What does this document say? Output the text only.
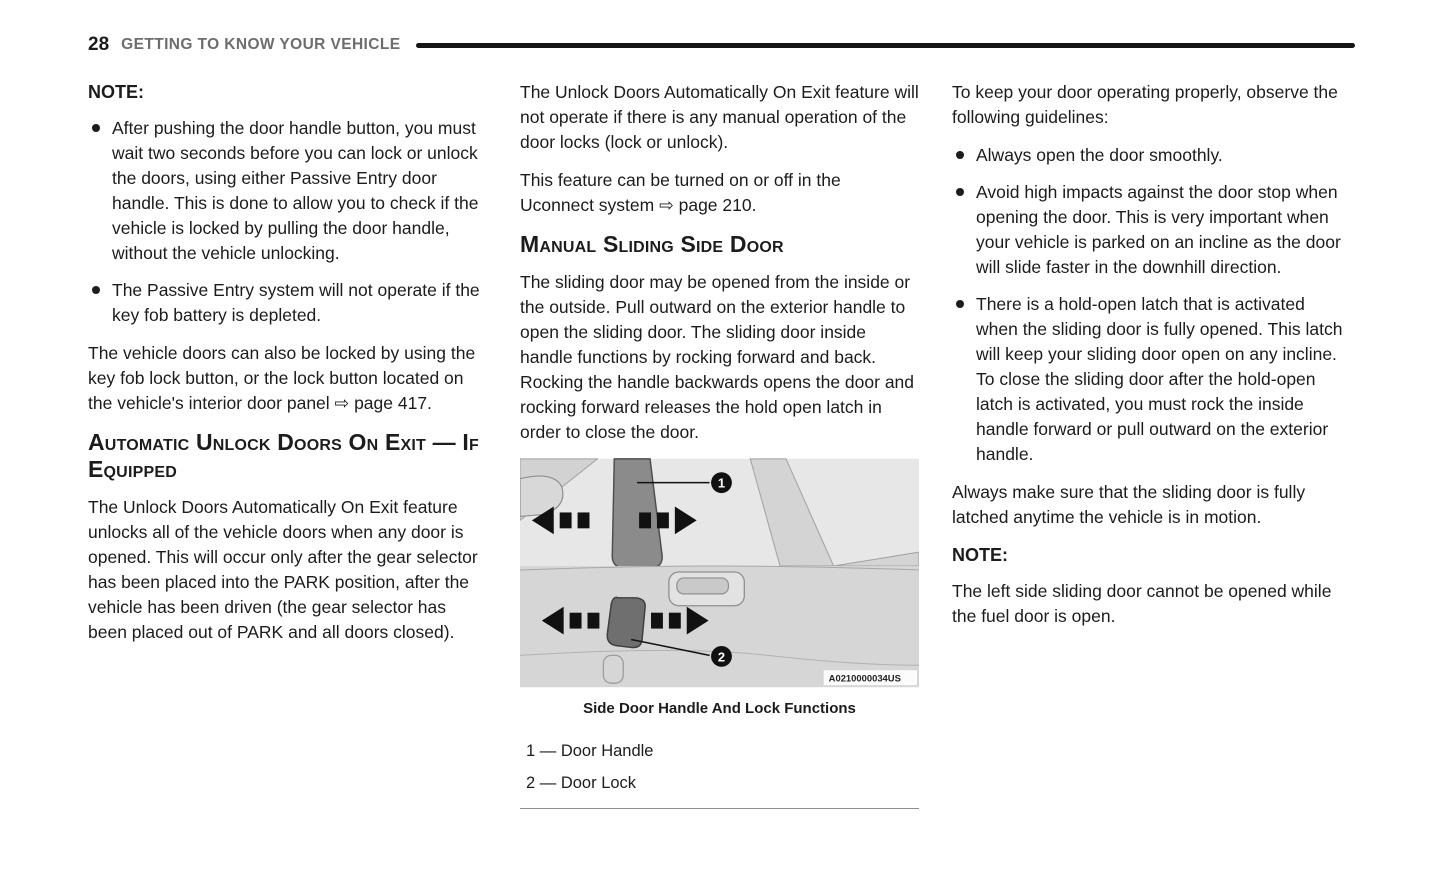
28 GETTING TO KNOW YOUR VEHICLE
NOTE:
After pushing the door handle button, you must wait two seconds before you can lock or unlock the doors, using either Passive Entry door handle. This is done to allow you to check if the vehicle is locked by pulling the door handle, without the vehicle unlocking.
The Passive Entry system will not operate if the key fob battery is depleted.

The vehicle doors can also be locked by using the key fob lock button, or the lock button located on the vehicle's interior door panel ⇨ page 417.

Automatic Unlock Doors On Exit — If Equipped

The Unlock Doors Automatically On Exit feature unlocks all of the vehicle doors when any door is opened. This will occur only after the gear selector has been placed into the PARK position, after the vehicle has been driven (the gear selector has been placed out of PARK and all doors closed).

The Unlock Doors Automatically On Exit feature will not operate if there is any manual operation of the door locks (lock or unlock).

This feature can be turned on or off in the Uconnect system ⇨ page 210.

Manual Sliding Side Door

The sliding door may be opened from the inside or the outside. Pull outward on the exterior handle to open the sliding door. The sliding door inside handle functions by rocking forward and back. Rocking the handle backwards opens the door and rocking forward releases the hold open latch in order to close the door.

1
2
A0210000034US
Side Door Handle And Lock Functions
1 — Door Handle
2 — Door Lock

To keep your door operating properly, observe the following guidelines:

Always open the door smoothly.
Avoid high impacts against the door stop when opening the door. This is very important when your vehicle is parked on an incline as the door will slide faster in the downhill direction.
There is a hold-open latch that is activated when the sliding door is fully opened. This latch will keep your sliding door open on any incline. To close the sliding door after the hold-open latch is activated, you must rock the inside handle forward or pull outward on the exterior handle.

Always make sure that the sliding door is fully latched anytime the vehicle is in motion.

NOTE:

The left side sliding door cannot be opened while the fuel door is open.
